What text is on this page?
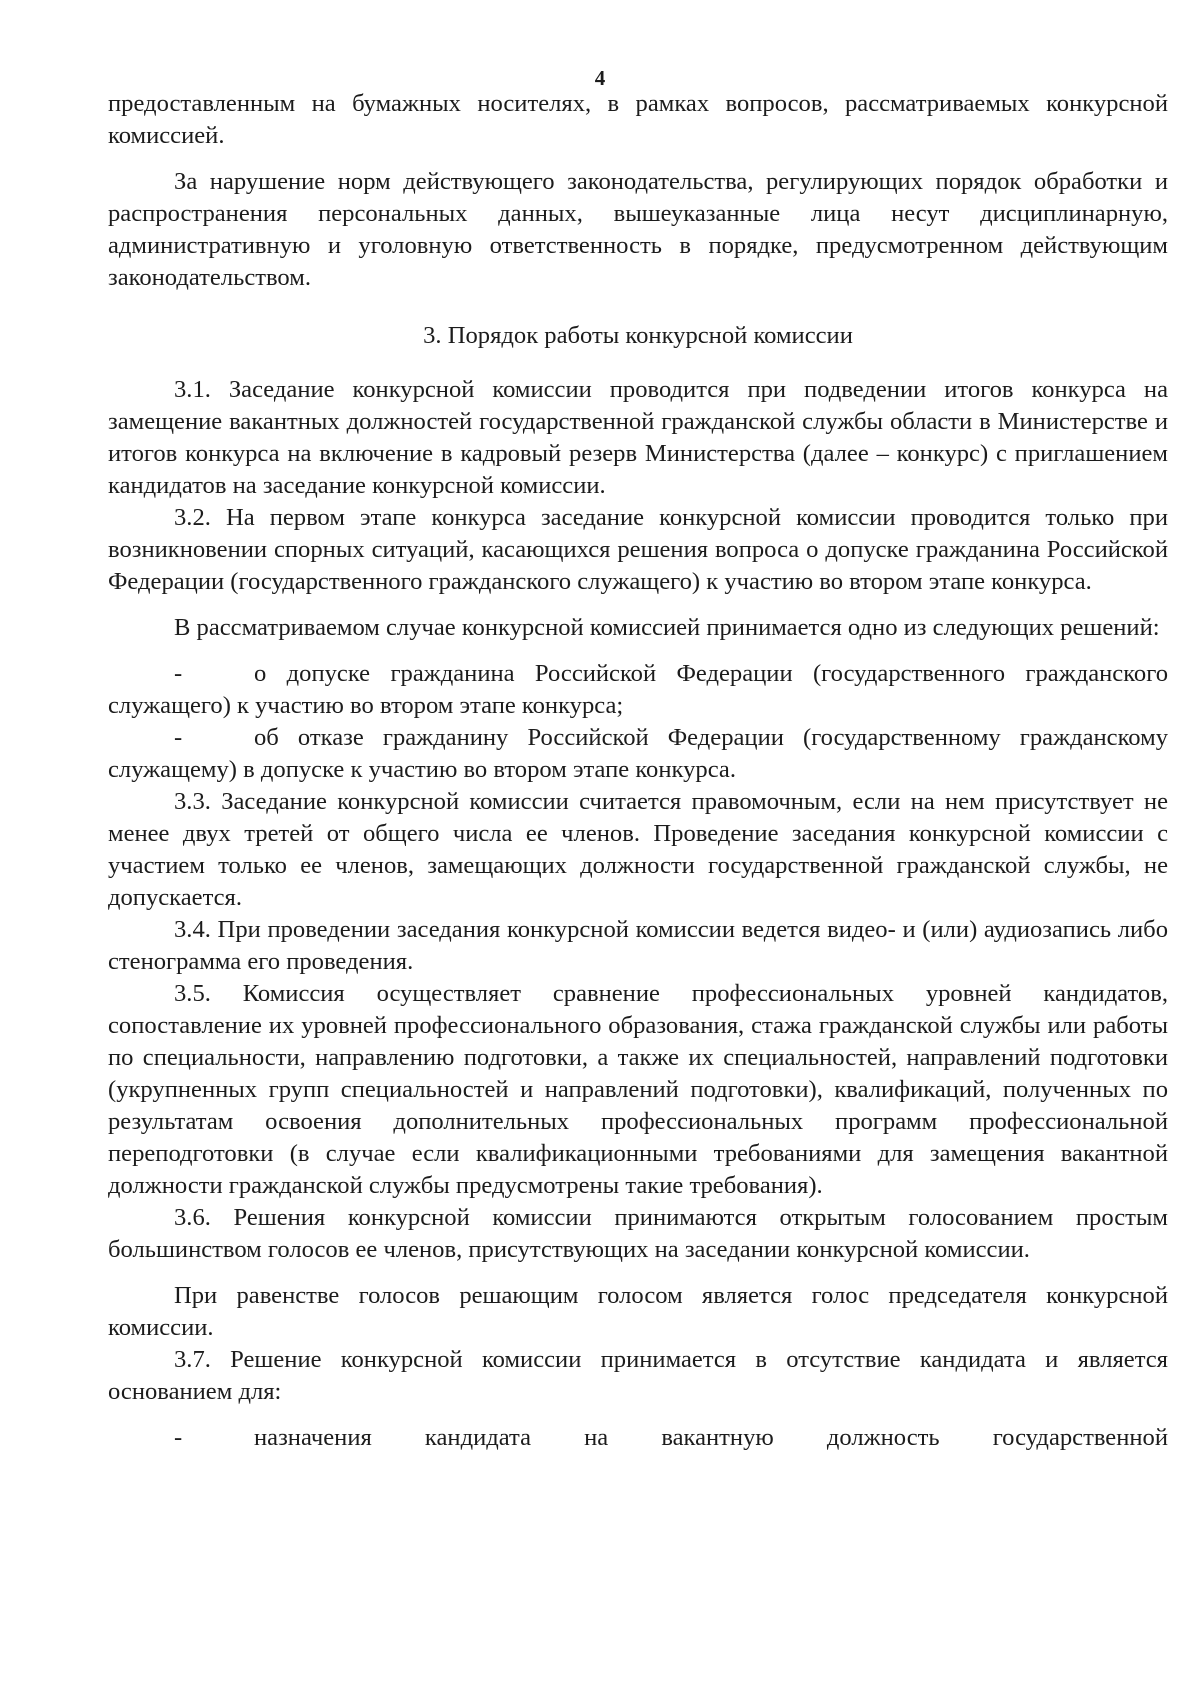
4

предоставленным на бумажных носителях, в рамках вопросов, рассматриваемых конкурсной комиссией.

За нарушение норм действующего законодательства, регулирующих порядок обработки и распространения персональных данных, вышеуказанные лица несут дисциплинарную, административную и уголовную ответственность в порядке, предусмотренном действующим законодательством.

3. Порядок работы конкурсной комиссии

3.1. Заседание конкурсной комиссии проводится при подведении итогов конкурса на замещение вакантных должностей государственной гражданской службы области в Министерстве и итогов конкурса на включение в кадровый резерв Министерства (далее – конкурс) с приглашением кандидатов на заседание конкурсной комиссии.

3.2. На первом этапе конкурса заседание конкурсной комиссии проводится только при возникновении спорных ситуаций, касающихся решения вопроса о допуске гражданина Российской Федерации (государственного гражданского служащего) к участию во втором этапе конкурса.

В рассматриваемом случае конкурсной комиссией принимается одно из следующих решений:

-	о допуске гражданина Российской Федерации (государственного гражданского служащего) к участию во втором этапе конкурса;

-	об отказе гражданину Российской Федерации (государственному гражданскому служащему) в допуске к участию во втором этапе конкурса.

3.3. Заседание конкурсной комиссии считается правомочным, если на нем присутствует не менее двух третей от общего числа ее членов. Проведение заседания конкурсной комиссии с участием только ее членов, замещающих должности государственной гражданской службы, не допускается.

3.4. При проведении заседания конкурсной комиссии ведется видео- и (или) аудиозапись либо стенограмма его проведения.

3.5. Комиссия осуществляет сравнение профессиональных уровней кандидатов, сопоставление их уровней профессионального образования, стажа гражданской службы или работы по специальности, направлению подготовки, а также их специальностей, направлений подготовки (укрупненных групп специальностей и направлений подготовки), квалификаций, полученных по результатам освоения дополнительных профессиональных программ профессиональной переподготовки (в случае если квалификационными требованиями для замещения вакантной должности гражданской службы предусмотрены такие требования).

3.6. Решения конкурсной комиссии принимаются открытым голосованием простым большинством голосов ее членов, присутствующих на заседании конкурсной комиссии.

При равенстве голосов решающим голосом является голос председателя конкурсной комиссии.

3.7. Решение конкурсной комиссии принимается в отсутствие кандидата и является основанием для:

-	назначения кандидата на вакантную должность государственной
